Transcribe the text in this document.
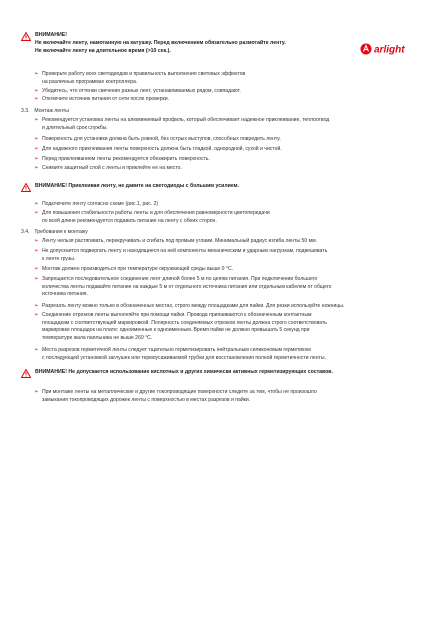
arlight
ВНИМАНИЕ!
Не включайте ленту, намотанную на катушку. Перед включением обязательно размотайте ленту.
Не включайте ленту на длительное время (>10 сек.).
➢ Проверьте работу всех светодиодов и правильность выполнения световых эффектов
на различных программах контроллера.
➢ Убедитесь, что оттенки свечения разных лент, устанавливаемых рядом, совпадают.
➢ Отключите источник питания от сети после проверки.
3.3. Монтаж ленты
➢ Рекомендуется установка ленты на алюминиевый профиль, который обеспечивает надежное приклеивание, теплоотвод
и длительный срок службы.
➢ Поверхность для установки должна быть ровной, без острых выступов, способных повредить ленту.
➢ Для надежного приклеивания ленты поверхность должна быть гладкой, однородной, сухой и чистой.
➢ Перед приклеиванием ленты рекомендуется обезжирить поверхность.
➢ Снимите защитный слой с ленты и приклейте ее на место.
ВНИМАНИЕ! Приклеивая ленту, не давите на светодиоды с большим усилием.
➢ Подключите ленту согласно схеме (рис.1, рис. 2)
➢ Для повышения стабильности работы ленты и для обеспечения равномерности цветопередачи
по всей длине рекомендуется подавать питание на ленту с обеих сторон.
3.4. Требования к монтажу
➢ Ленту нельзя растягивать, перекручивать и сгибать под прямым углами. Минимальный радиус изгиба ленты 50 мм.
➢ Не допускается подвергать ленту и находящиеся на ней компоненты механическим и ударным нагрузкам, подвешивать
к ленте грузы.
➢ Монтаж должен производиться при температуре окружающей среды выше 0 °С.
➢ Запрещается последовательное соединение лент длиной более 5 м по цепям питания. При подключении большего
количества ленты подавайте питание на каждые 5 м от отдельного источника питания или отдельным кабелем от общего
источника питания.
➢ Разрезать ленту можно только в обозначенных местах, строго между площадками для пайки. Для резки используйте ножницы.
➢ Соединение отрезков ленты выполняйте при помощи пайки. Провода припаиваются к обозначенным контактным
площадкам с соответствующей маркировкой. Полярность соединяемых отрезков ленты должна строго соответствовать
маркировке площадок на плате: одноименные к одноименным. Время пайки не должно превышать 5 секунд при
температуре жала паяльника не выше 260 °С.
➢ Места разрезов герметичной ленты следует тщательно герметизировать нейтральным силиконовым герметиком
с последующей установкой заглушек или термоусаживаемой трубки для восстановления полной герметичности ленты.
ВНИМАНИЕ! Не допускается использование кислотных и других химически активных герметизирующих составов.
➢ При монтаже ленты на металлические и другие токопроводящие поверхности следите за тем, чтобы не произошло
замыкания токопроводящих дорожек ленты с поверхностью в местах разрезов и пайки.
